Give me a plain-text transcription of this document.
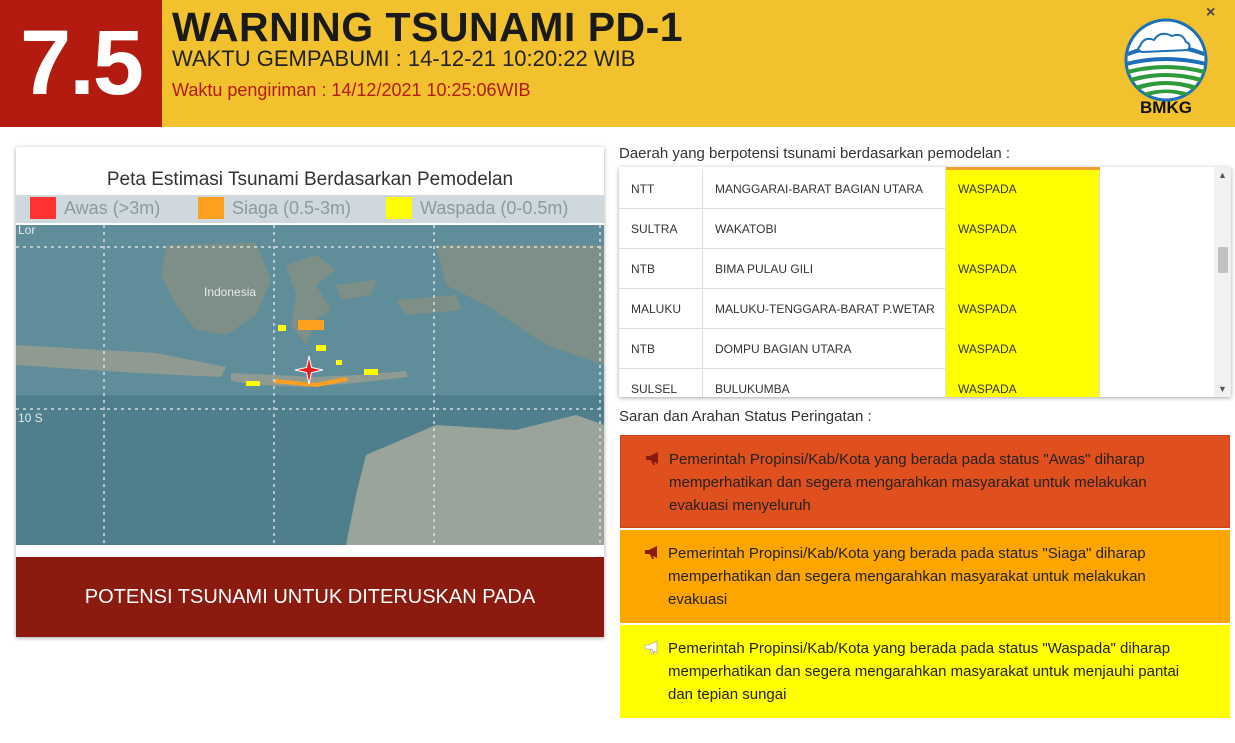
7.5 WARNING TSUNAMI PD-1
WAKTU GEMPABUMI : 14-12-21 10:20:22 WIB
Waktu pengiriman : 14/12/2021 10:25:06WIB
×
BMKG
Peta Estimasi Tsunami Berdasarkan Pemodelan
Awas (>3m)	Siaga (0.5-3m)	Waspada (0-0.5m)
Indonesia
10 S
Lor
POTENSI TSUNAMI UNTUK DITERUSKAN PADA MASYARAKAT
Daerah yang berpotensi tsunami berdasarkan pemodelan :
NTT	MANGGARAI-BARAT BAGIAN UTARA	WASPADA
SULTRA	WAKATOBI	WASPADA
NTB	BIMA PULAU GILI	WASPADA
MALUKU	MALUKU-TENGGARA-BARAT P.WETAR	WASPADA
NTB	DOMPU BAGIAN UTARA	WASPADA
SULSEL	BULUKUMBA	WASPADA
▲
▼
Saran dan Arahan Status Peringatan :
Pemerintah Propinsi/Kab/Kota yang berada pada status "Awas" diharap memperhatikan dan segera mengarahkan masyarakat untuk melakukan evakuasi menyeluruh
Pemerintah Propinsi/Kab/Kota yang berada pada status "Siaga" diharap memperhatikan dan segera mengarahkan masyarakat untuk melakukan evakuasi
Pemerintah Propinsi/Kab/Kota yang berada pada status "Waspada" diharap memperhatikan dan segera mengarahkan masyarakat untuk menjauhi pantai dan tepian sungai
